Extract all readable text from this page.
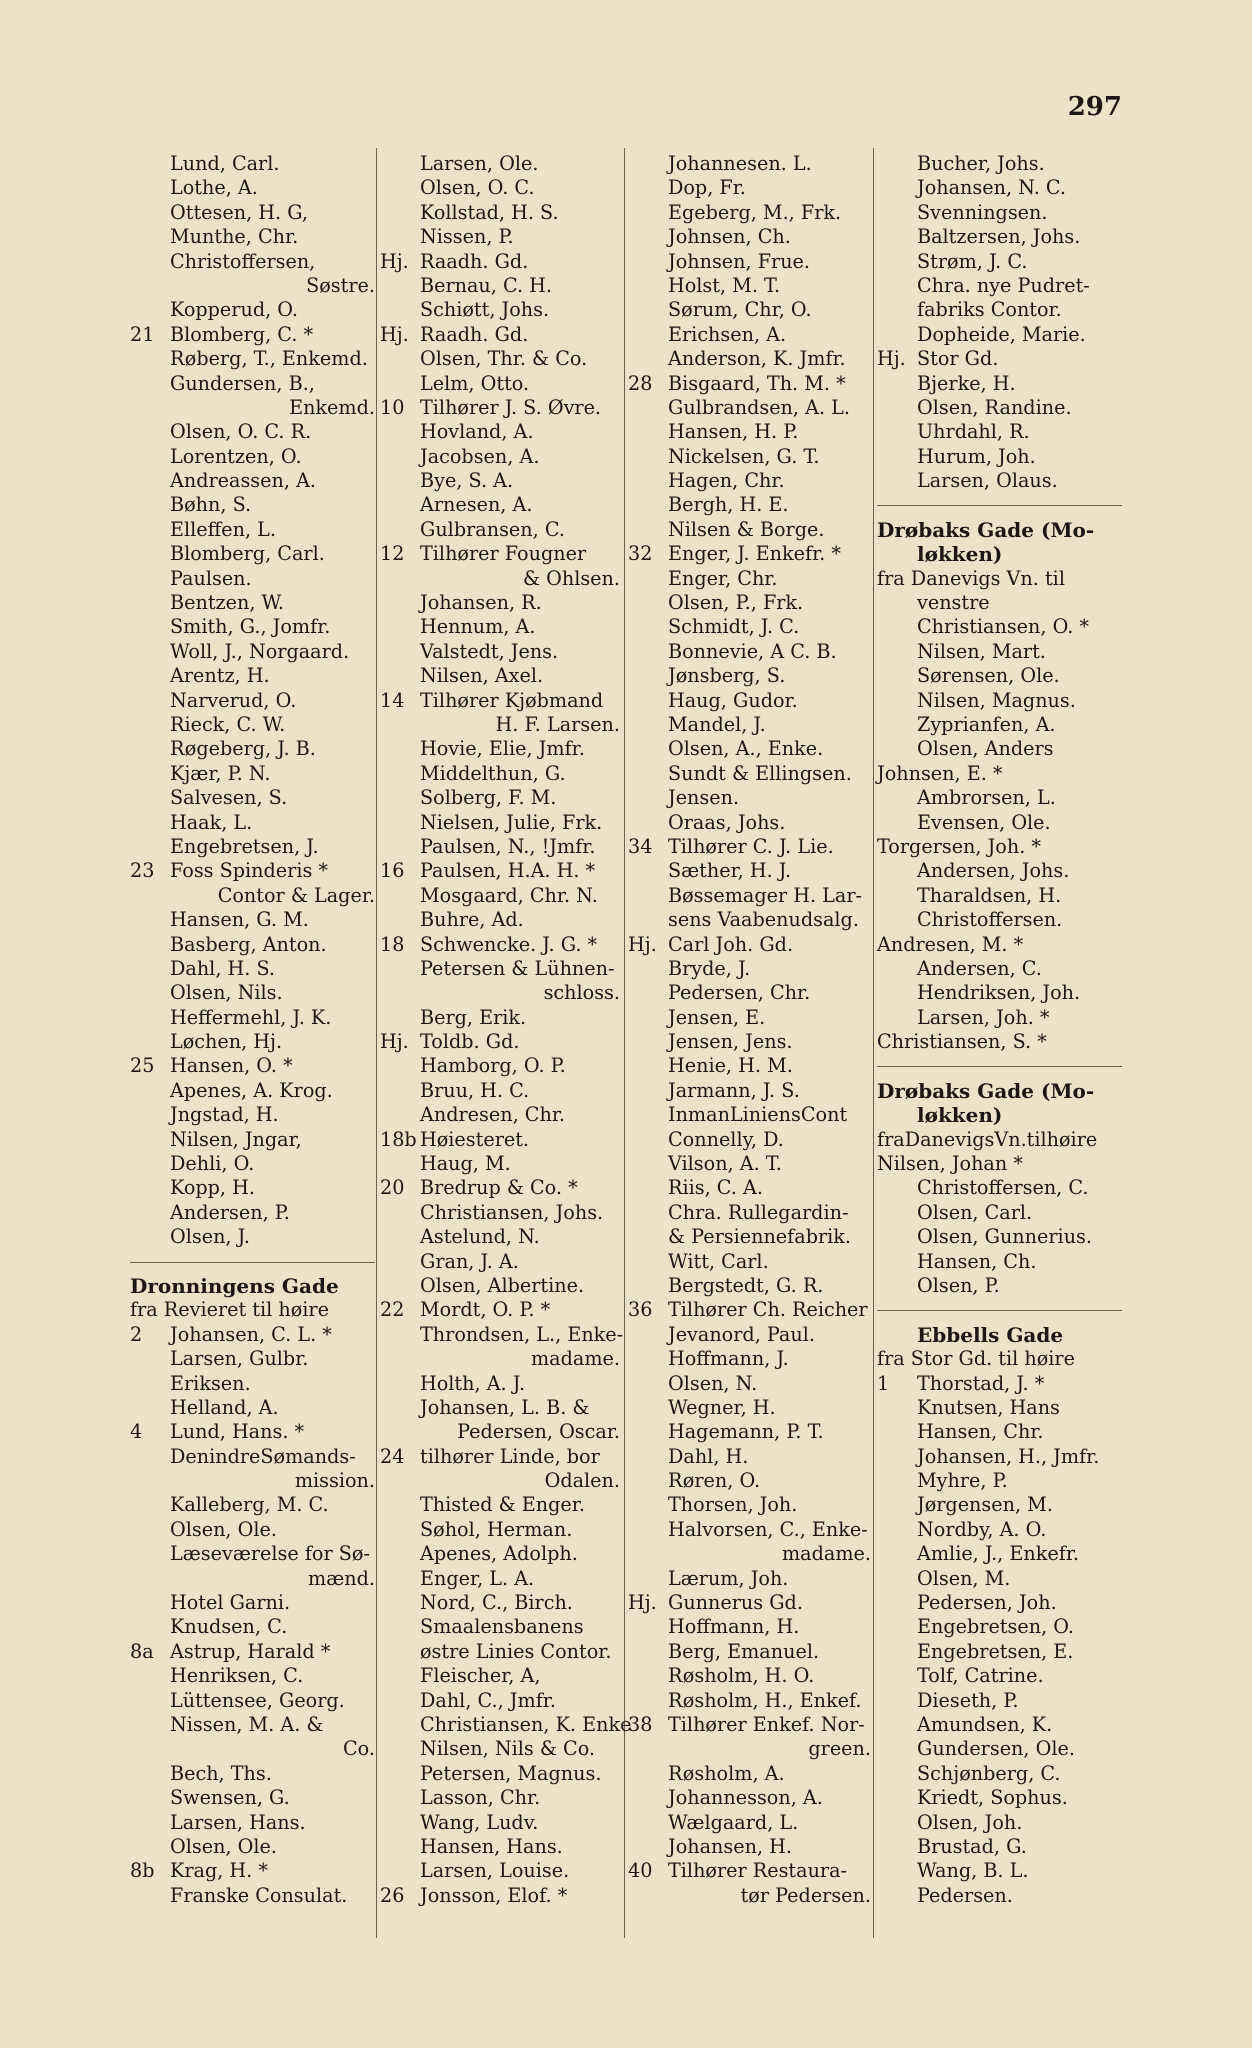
297
Lund, Carl.
Lothe, A.
Ottesen, H. G,
Munthe, Chr.
Christoffersen,
Søstre.
Kopperud, O.
21 Blomberg, C. *
Røberg, T., Enkemd.
Gundersen, B.,
Enkemd.
Olsen, O. C. R.
Lorentzen, O.
Andreassen, A.
Bøhn, S.
Elleffen, L.
Blomberg, Carl.
Paulsen.
Bentzen, W.
Smith, G., Jomfr.
Woll, J., Norgaard.
Arentz, H.
Narverud, O.
Rieck, C. W.
Røgeberg, J. B.
Kjær, P. N.
Salvesen, S.
Haak, L.
Engebretsen, J.
23 Foss Spinderis *
Contor & Lager.
Hansen, G. M.
Basberg, Anton.
Dahl, H. S.
Olsen, Nils.
Heffermehl, J. K.
Løchen, Hj.
25 Hansen, O. *
Apenes, A. Krog.
Jngstad, H.
Nilsen, Jngar,
Dehli, O.
Kopp, H.
Andersen, P.
Olsen, J.
Dronningens Gade
fra Revieret til høire
2 Johansen, C. L. *
Larsen, Gulbr.
Eriksen.
Helland, A.
4 Lund, Hans. *
DenindreSømands-
mission.
Kalleberg, M. C.
Olsen, Ole.
Læseværelse for Sø-
mænd.
Hotel Garni.
Knudsen, C.
8a Astrup, Harald *
Henriksen, C.
Lüttensee, Georg.
Nissen, M. A. &
Co.
Bech, Ths.
Swensen, G.
Larsen, Hans.
Olsen, Ole.
8b Krag, H. *
Franske Consulat.
Larsen, Ole.
Olsen, O. C.
Kollstad, H. S.
Nissen, P.
Hj. Raadh. Gd.
Bernau, C. H.
Schiøtt, Johs.
Hj. Raadh. Gd.
Olsen, Thr. & Co.
Lelm, Otto.
10 Tilhører J. S. Øvre.
Hovland, A.
Jacobsen, A.
Bye, S. A.
Arnesen, A.
Gulbransen, C.
12 Tilhører Fougner
& Ohlsen.
Johansen, R.
Hennum, A.
Valstedt, Jens.
Nilsen, Axel.
14 Tilhører Kjøbmand
H. F. Larsen.
Hovie, Elie, Jmfr.
Middelthun, G.
Solberg, F. M.
Nielsen, Julie, Frk.
Paulsen, N., !Jmfr.
16 Paulsen, H.A. H. *
Mosgaard, Chr. N.
Buhre, Ad.
18 Schwencke. J. G. *
Petersen & Lühnen-
schloss.
Berg, Erik.
Hj. Toldb. Gd.
Hamborg, O. P.
Bruu, H. C.
Andresen, Chr.
18b Høiesteret.
Haug, M.
20 Bredrup & Co. *
Christiansen, Johs.
Astelund, N.
Gran, J. A.
Olsen, Albertine.
22 Mordt, O. P. *
Throndsen, L., Enke-
madame.
Holth, A. J.
Johansen, L. B. &
Pedersen, Oscar.
24 tilhører Linde, bor
Odalen.
Thisted & Enger.
Søhol, Herman.
Apenes, Adolph.
Enger, L. A.
Nord, C., Birch.
Smaalensbanens
østre Linies Contor.
Fleischer, A,
Dahl, C., Jmfr.
Christiansen, K. Enke
Nilsen, Nils & Co.
Petersen, Magnus.
Lasson, Chr.
Wang, Ludv.
Hansen, Hans.
Larsen, Louise.
26 Jonsson, Elof. *
Johannesen. L.
Dop, Fr.
Egeberg, M., Frk.
Johnsen, Ch.
Johnsen, Frue.
Holst, M. T.
Sørum, Chr, O.
Erichsen, A.
Anderson, K. Jmfr.
28 Bisgaard, Th. M. *
Gulbrandsen, A. L.
Hansen, H. P.
Nickelsen, G. T.
Hagen, Chr.
Bergh, H. E.
Nilsen & Borge.
32 Enger, J. Enkefr. *
Enger, Chr.
Olsen, P., Frk.
Schmidt, J. C.
Bonnevie, A C. B.
Jønsberg, S.
Haug, Gudor.
Mandel, J.
Olsen, A., Enke.
Sundt & Ellingsen.
Jensen.
Oraas, Johs.
34 Tilhører C. J. Lie.
Sæther, H. J.
Bøssemager H. Lar-
sens Vaabenudsalg.
Hj. Carl Joh. Gd.
Bryde, J.
Pedersen, Chr.
Jensen, E.
Jensen, Jens.
Henie, H. M.
Jarmann, J. S.
InmanLiniensCont
Connelly, D.
Vilson, A. T.
Riis, C. A.
Chra. Rullegardin-
& Persiennefabrik.
Witt, Carl.
Bergstedt, G. R.
36 Tilhører Ch. Reicher
Jevanord, Paul.
Hoffmann, J.
Olsen, N.
Wegner, H.
Hagemann, P. T.
Dahl, H.
Røren, O.
Thorsen, Joh.
Halvorsen, C., Enke-
madame.
Lærum, Joh.
Hj. Gunnerus Gd.
Hoffmann, H.
Berg, Emanuel.
Røsholm, H. O.
Røsholm, H., Enkef.
38 Tilhører Enkef. Nor-
green.
Røsholm, A.
Johannesson, A.
Wælgaard, L.
Johansen, H.
40 Tilhører Restaura-
tør Pedersen.
Bucher, Johs.
Johansen, N. C.
Svenningsen.
Baltzersen, Johs.
Strøm, J. C.
Chra. nye Pudret-
fabriks Contor.
Dopheide, Marie.
Hj. Stor Gd.
Bjerke, H.
Olsen, Randine.
Uhrdahl, R.
Hurum, Joh.
Larsen, Olaus.
Drøbaks Gade (Mo-
løkken)
fra Danevigs Vn. til
venstre
Christiansen, O. *
Nilsen, Mart.
Sørensen, Ole.
Nilsen, Magnus.
Zyprianfen, A.
Olsen, Anders
Johnsen, E. *
Ambrorsen, L.
Evensen, Ole.
Torgersen, Joh. *
Andersen, Johs.
Tharaldsen, H.
Christoffersen.
Andresen, M. *
Andersen, C.
Hendriksen, Joh.
Larsen, Joh. *
Christiansen, S. *
Drøbaks Gade (Mo-
løkken)
fraDanevigsVn.tilhøire
Nilsen, Johan *
Christoffersen, C.
Olsen, Carl.
Olsen, Gunnerius.
Hansen, Ch.
Olsen, P.
Ebbells Gade
fra Stor Gd. til høire
1 Thorstad, J. *
Knutsen, Hans
Hansen, Chr.
Johansen, H., Jmfr.
Myhre, P.
Jørgensen, M.
Nordby, A. O.
Amlie, J., Enkefr.
Olsen, M.
Pedersen, Joh.
Engebretsen, O.
Engebretsen, E.
Tolf, Catrine.
Dieseth, P.
Amundsen, K.
Gundersen, Ole.
Schjønberg, C.
Kriedt, Sophus.
Olsen, Joh.
Brustad, G.
Wang, B. L.
Pedersen.
